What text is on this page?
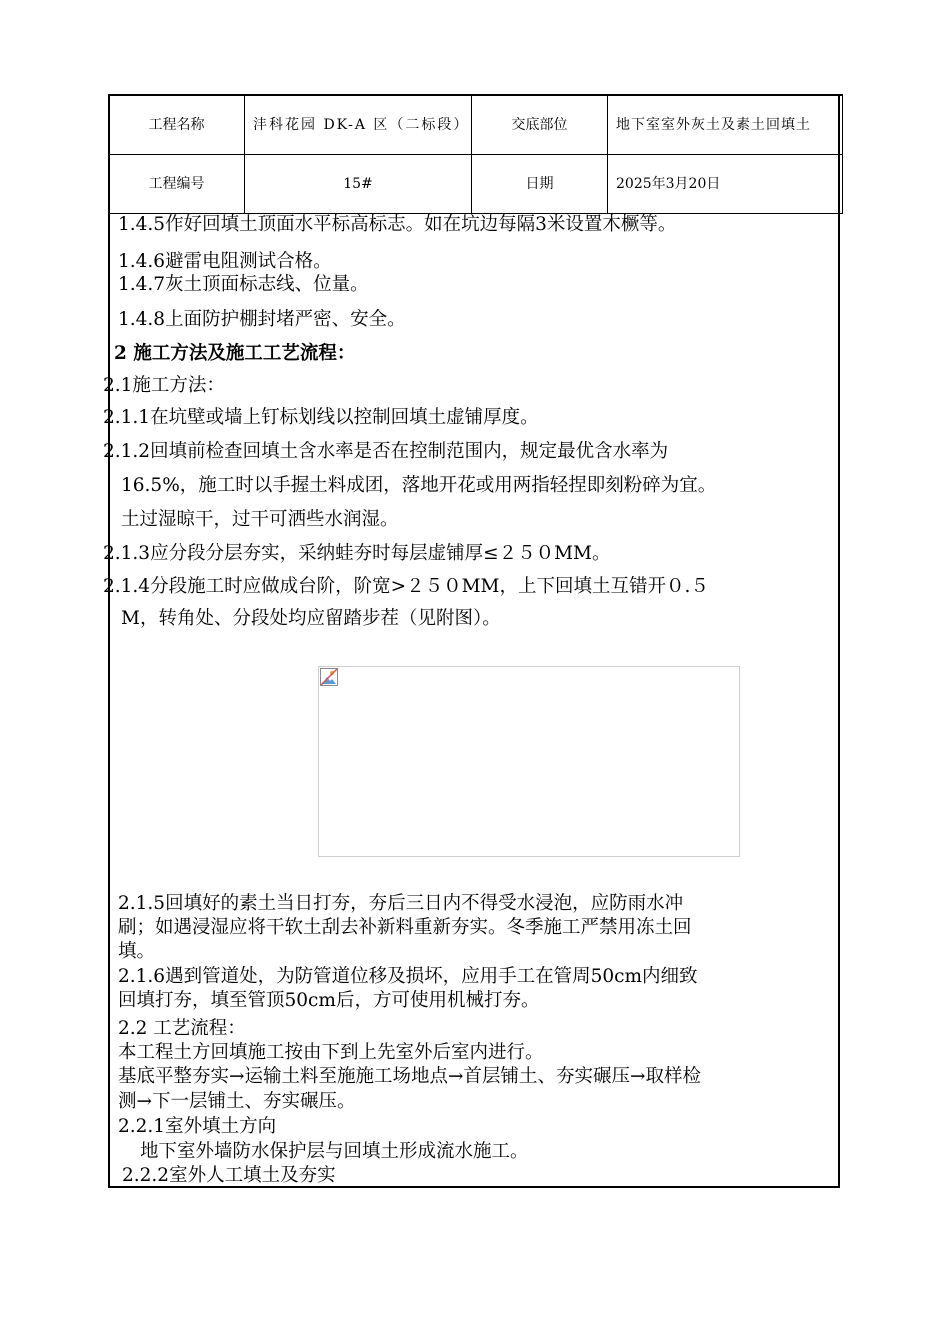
工程名称	沣科花园 DK-A 区（二标段）	交底部位	地下室室外灰土及素土回填土
工程编号	15#	日期	2025年3月20日
1.4.5作好回填土顶面水平标高标志。如在坑边每隔3米设置木橛等。
1.4.6避雷电阻测试合格。
1.4.7灰土顶面标志线、位量。
1.4.8上面防护棚封堵严密、安全。
2 施工方法及施工工艺流程：
2.1施工方法：
2.1.1在坑壁或墙上钉标划线以控制回填土虚铺厚度。
2.1.2回填前检查回填土含水率是否在控制范围内，规定最优含水率为
16.5%，施工时以手握土料成团，落地开花或用两指轻捏即刻粉碎为宜。
土过湿晾干，过干可洒些水润湿。
2.1.3应分段分层夯实，采纳蛙夯时每层虚铺厚≤２５０MM。
2.1.4分段施工时应做成台阶，阶宽>２５０MM，上下回填土互错开０.５
M，转角处、分段处均应留踏步茬（见附图）。
2.1.5回填好的素土当日打夯，夯后三日内不得受水浸泡，应防雨水冲
刷；如遇浸湿应将干软土刮去补新料重新夯实。冬季施工严禁用冻土回
填。
2.1.6遇到管道处，为防管道位移及损坏，应用手工在管周50cm内细致
回填打夯，填至管顶50cm后，方可使用机械打夯。
2.2 工艺流程：
本工程土方回填施工按由下到上先室外后室内进行。
基底平整夯实→运输土料至施施工场地点→首层铺土、夯实碾压→取样检
测→下一层铺土、夯实碾压。
2.2.1室外填土方向
地下室外墙防水保护层与回填土形成流水施工。
2.2.2室外人工填土及夯实
